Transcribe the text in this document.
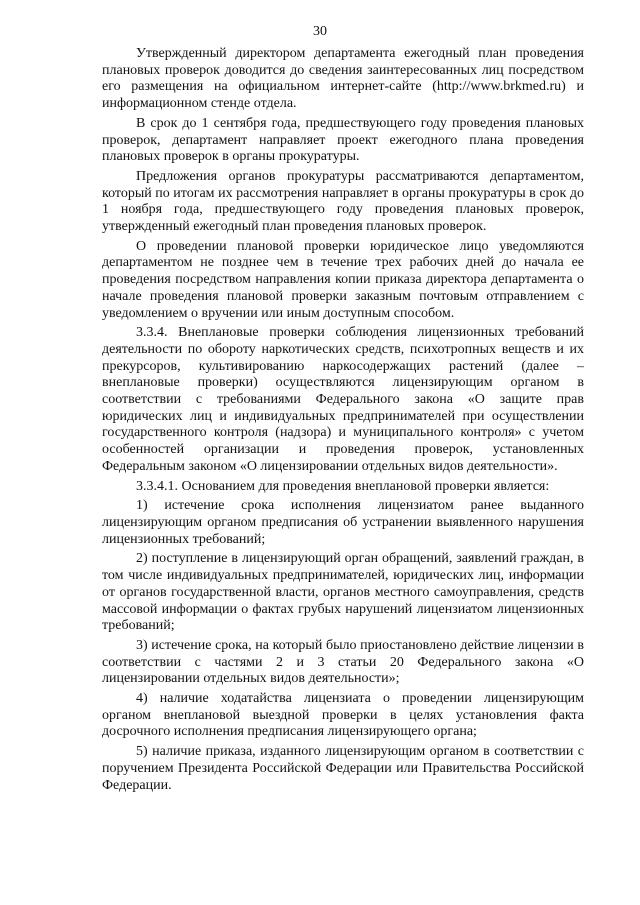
30

Утвержденный директором департамента ежегодный план проведения плановых проверок доводится до сведения заинтересованных лиц посредством его размещения на официальном интернет-сайте (http://www.brkmed.ru) и информационном стенде отдела.

В срок до 1 сентября года, предшествующего году проведения плановых проверок, департамент направляет проект ежегодного плана проведения плановых проверок в органы прокуратуры.

Предложения органов прокуратуры рассматриваются департаментом, который по итогам их рассмотрения направляет в органы прокуратуры в срок до 1 ноября года, предшествующего году проведения плановых проверок, утвержденный ежегодный план проведения плановых проверок.

О проведении плановой проверки юридическое лицо уведомляются департаментом не позднее чем в течение трех рабочих дней до начала ее проведения посредством направления копии приказа директора департамента о начале проведения плановой проверки заказным почтовым отправлением с уведомлением о вручении или иным доступным способом.

3.3.4. Внеплановые проверки соблюдения лицензионных требований деятельности по обороту наркотических средств, психотропных веществ и их прекурсоров, культивированию наркосодержащих растений (далее – внеплановые проверки) осуществляются лицензирующим органом в соответствии с требованиями Федерального закона «О защите прав юридических лиц и индивидуальных предпринимателей при осуществлении государственного контроля (надзора) и муниципального контроля» с учетом особенностей организации и проведения проверок, установленных Федеральным законом «О лицензировании отдельных видов деятельности».

3.3.4.1. Основанием для проведения внеплановой проверки является:

1) истечение срока исполнения лицензиатом ранее выданного лицензирующим органом предписания об устранении выявленного нарушения лицензионных требований;

2) поступление в лицензирующий орган обращений, заявлений граждан, в том числе индивидуальных предпринимателей, юридических лиц, информации от органов государственной власти, органов местного самоуправления, средств массовой информации о фактах грубых нарушений лицензиатом лицензионных требований;

3) истечение срока, на который было приостановлено действие лицензии в соответствии с частями 2 и 3 статьи 20 Федерального закона «О лицензировании отдельных видов деятельности»;

4) наличие ходатайства лицензиата о проведении лицензирующим органом внеплановой выездной проверки в целях установления факта досрочного исполнения предписания лицензирующего органа;

5) наличие приказа, изданного лицензирующим органом в соответствии с поручением Президента Российской Федерации или Правительства Российской Федерации.
